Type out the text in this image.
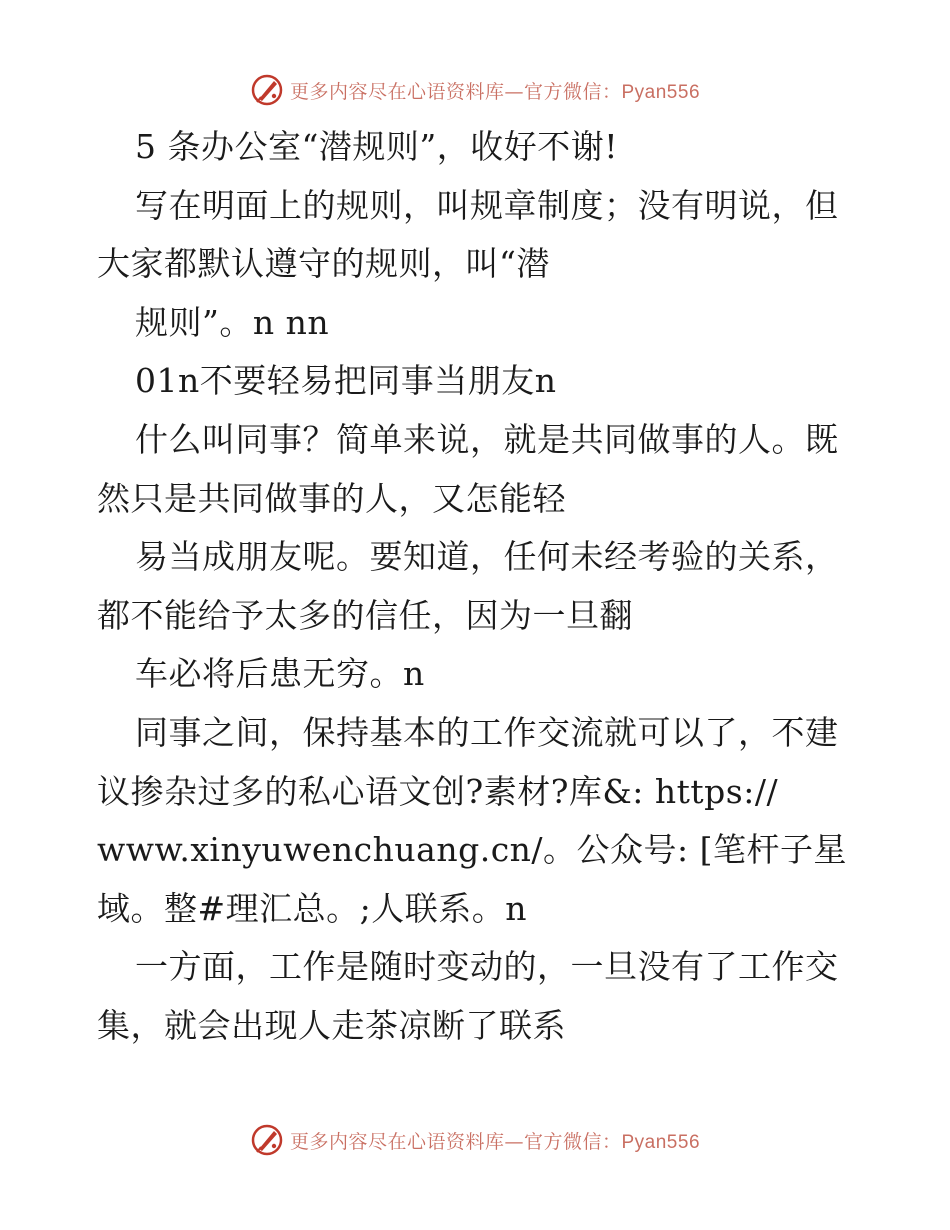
更多内容尽在心语资料库—官方微信：Pyan556
5 条办公室“潜规则”，收好不谢!
写在明面上的规则，叫规章制度；没有明说，但
大家都默认遵守的规则，叫“潜
规则”。n nn
01n不要轻易把同事当朋友n
什么叫同事？简单来说，就是共同做事的人。既
然只是共同做事的人，又怎能轻
易当成朋友呢。要知道，任何未经考验的关系，
都不能给予太多的信任，因为一旦翻
车必将后患无穷。n
同事之间，保持基本的工作交流就可以了，不建
议掺杂过多的私心语文创?素材?库&: https://
www.xinyuwenchuang.cn/。公众号: [笔杆子星
域。整#理汇总。;人联系。n
一方面，工作是随时变动的，一旦没有了工作交
集，就会出现人走茶凉断了联系
更多内容尽在心语资料库—官方微信：Pyan556
